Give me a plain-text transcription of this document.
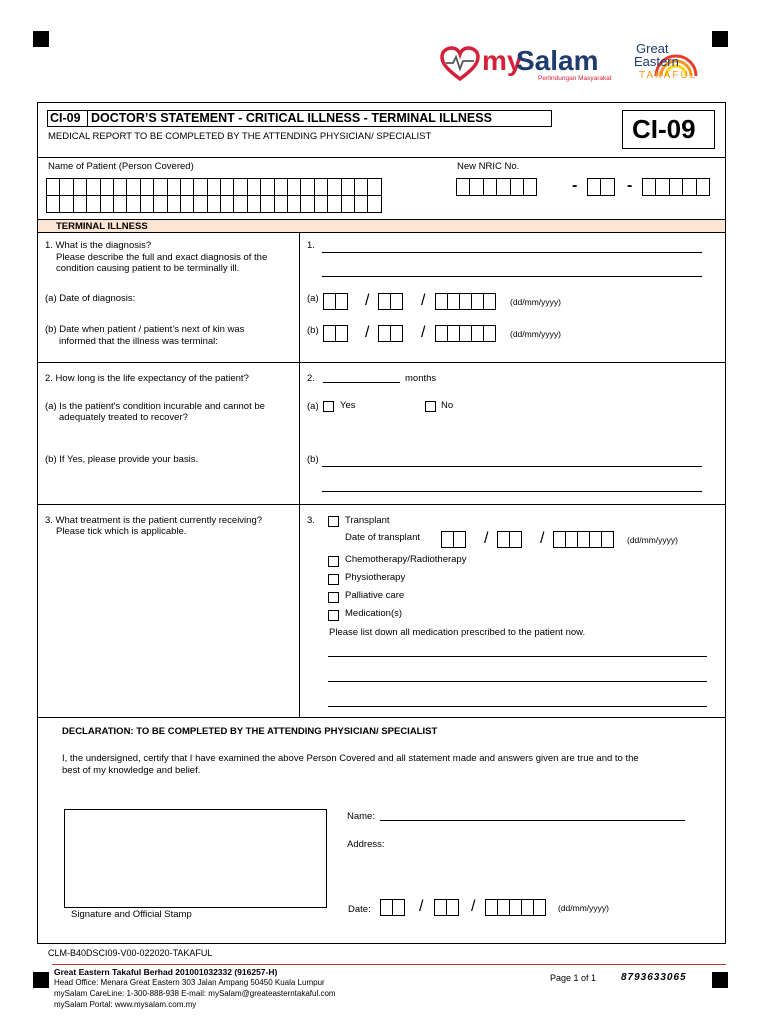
my
Salam
Perlindungan Masyarakat
Great
Eastern
TAKAFUL
CI-09 DOCTOR’S STATEMENT - CRITICAL ILLNESS - TERMINAL ILLNESS
MEDICAL REPORT TO BE COMPLETED BY THE ATTENDING PHYSICIAN/ SPECIALIST	CI-09
Name of Patient (Person Covered)	New NRIC No.
-	-
TERMINAL ILLNESS
1. What is the diagnosis?
Please describe the full and exact diagnosis of the
condition causing patient to be terminally ill.
1.
(a) Date of diagnosis:	(a)	/	/	(dd/mm/yyyy)
(b) Date when patient / patient’s next of kin was
informed that the illness was terminal:
(b)	/	/	(dd/mm/yyyy)
2. How long is the life expectancy of the patient?	2.	months
(a) Is the patient's condition incurable and cannot be
adequately treated to recover?
(a) Yes	No
(b) If Yes, please provide your basis.	(b)
3. What treatment is the patient currently receiving?
Please tick which is applicable.
3.	Transplant
Date of transplant	/	/	(dd/mm/yyyy)
Chemotherapy/Radiotherapy
Physiotherapy
Palliative care
Medication(s)
Please list down all medication prescribed to the patient now.
DECLARATION: TO BE COMPLETED BY THE ATTENDING PHYSICIAN/ SPECIALIST
I, the undersigned, certify that I have examined the above Person Covered and all statement made and answers given are true and to the
best of my knowledge and belief.
Signature and Official Stamp
Name:
Address:
Date:	/	/	(dd/mm/yyyy)
CLM-B40DSCI09-V00-022020-TAKAFUL
Great Eastern Takaful Berhad 201001032332 (916257-H)
Head Office: Menara Great Eastern 303 Jalan Ampang 50450 Kuala Lumpur
mySalam CareLine: 1-300-888-938 E-mail: mySalam@greateasterntakaful.com
mySalam Portal: www.mysalam.com.my
Page 1 of 1 8793633065
